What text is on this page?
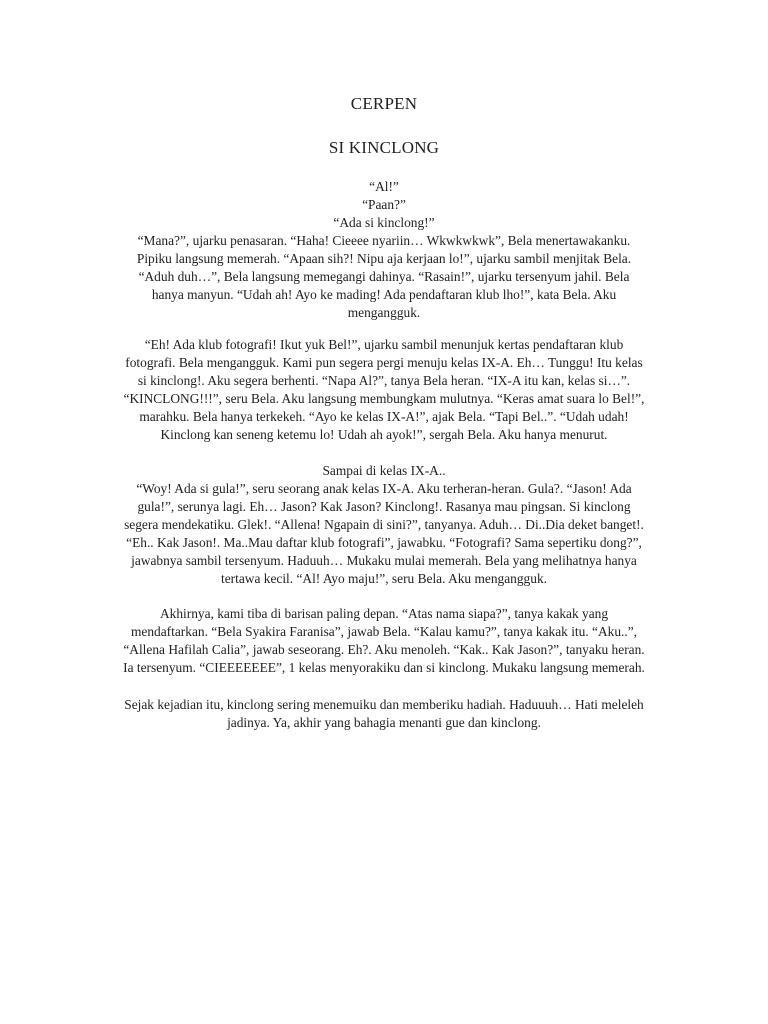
CERPEN
SI KINCLONG
“Al!”
“Paan?”
“Ada si kinclong!”
“Mana?”, ujarku penasaran. “Haha! Cieeee nyariin… Wkwkwkwk”, Bela menertawakanku.
Pipiku langsung memerah. “Apaan sih?! Nipu aja kerjaan lo!”, ujarku sambil menjitak Bela.
“Aduh duh…”, Bela langsung memegangi dahinya. “Rasain!”, ujarku tersenyum jahil. Bela
hanya manyun. “Udah ah! Ayo ke mading! Ada pendaftaran klub lho!”, kata Bela. Aku
mengangguk.
“Eh! Ada klub fotografi! Ikut yuk Bel!”, ujarku sambil menunjuk kertas pendaftaran klub
fotografi. Bela mengangguk. Kami pun segera pergi menuju kelas IX-A. Eh… Tunggu! Itu kelas
si kinclong!. Aku segera berhenti. “Napa Al?”, tanya Bela heran. “IX-A itu kan, kelas si…”.
“KINCLONG!!!”, seru Bela. Aku langsung membungkam mulutnya. “Keras amat suara lo Bel!”,
marahku. Bela hanya terkekeh. “Ayo ke kelas IX-A!”, ajak Bela. “Tapi Bel..”. “Udah udah!
Kinclong kan seneng ketemu lo! Udah ah ayok!”, sergah Bela. Aku hanya menurut.
Sampai di kelas IX-A..
“Woy! Ada si gula!”, seru seorang anak kelas IX-A. Aku terheran-heran. Gula?. “Jason! Ada
gula!”, serunya lagi. Eh… Jason? Kak Jason? Kinclong!. Rasanya mau pingsan. Si kinclong
segera mendekatiku. Glek!. “Allena! Ngapain di sini?”, tanyanya. Aduh… Di..Dia deket banget!.
“Eh.. Kak Jason!. Ma..Mau daftar klub fotografi”, jawabku. “Fotografi? Sama sepertiku dong?”,
jawabnya sambil tersenyum. Haduuh… Mukaku mulai memerah. Bela yang melihatnya hanya
tertawa kecil. “Al! Ayo maju!”, seru Bela. Aku mengangguk.
Akhirnya, kami tiba di barisan paling depan. “Atas nama siapa?”, tanya kakak yang
mendaftarkan. “Bela Syakira Faranisa”, jawab Bela. “Kalau kamu?”, tanya kakak itu. “Aku..”,
“Allena Hafilah Calia”, jawab seseorang. Eh?. Aku menoleh. “Kak.. Kak Jason?”, tanyaku heran.
Ia tersenyum. “CIEEEEEEE”, 1 kelas menyorakiku dan si kinclong. Mukaku langsung memerah.
Sejak kejadian itu, kinclong sering menemuiku dan memberiku hadiah. Haduuuh… Hati meleleh
jadinya. Ya, akhir yang bahagia menanti gue dan kinclong.
